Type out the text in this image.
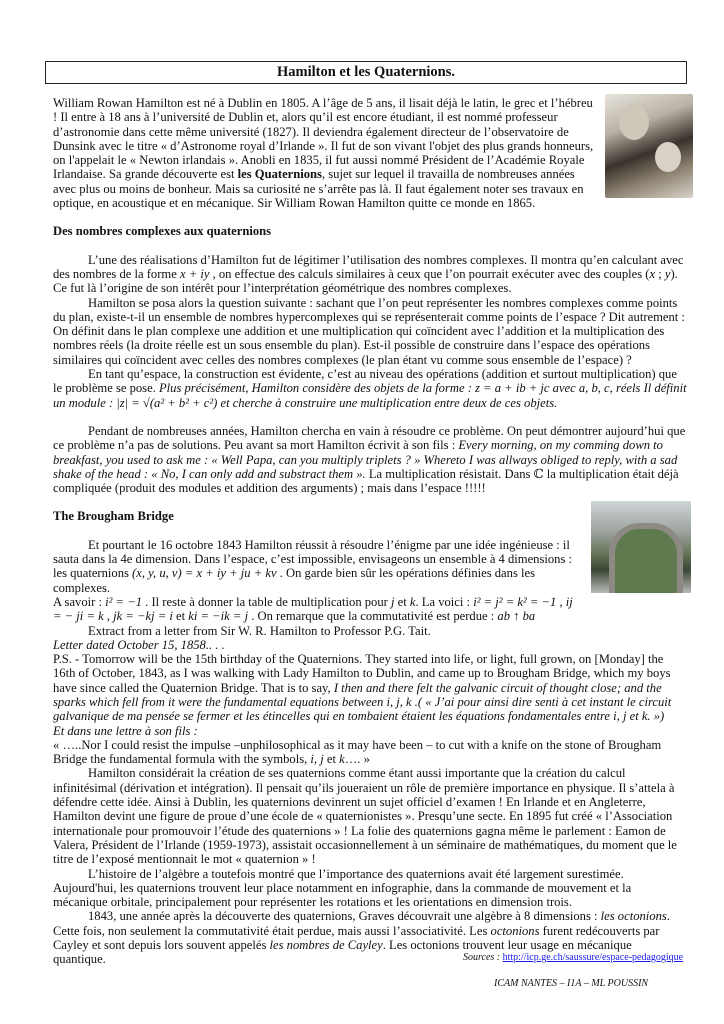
Hamilton et les Quaternions.

William Rowan Hamilton est né à Dublin en 1805. A l’âge de 5 ans, il lisait déjà le latin, le grec et l’hébreu ! Il entre à 18 ans à l’université de Dublin et, alors qu’il est encore étudiant, il est nommé professeur d’astronomie dans cette même université (1827). Il deviendra également directeur de l’observatoire de Dunsink avec le titre « d’Astronome royal d’Irlande ». Il fut de son vivant l'objet des plus grands honneurs, on l'appelait le « Newton irlandais ». Anobli en 1835, il fut aussi nommé Président de l’Académie Royale Irlandaise. Sa grande découverte est les Quaternions, sujet sur lequel il travailla de nombreuses années avec plus ou moins de bonheur. Mais sa curiosité ne s’arrête pas là. Il faut également noter ses travaux en optique, en acoustique et en mécanique. Sir William Rowan Hamilton quitte ce monde en 1865.

Des nombres complexes aux quaternions

L’une des réalisations d’Hamilton fut de légitimer l’utilisation des nombres complexes. Il montra qu’en calculant avec des nombres de la forme x + iy , on effectue des calculs similaires à ceux que l’on pourrait exécuter avec des couples (x ; y). Ce fut là l’origine de son intérêt pour l’interprétation géométrique des nombres complexes.

Hamilton se posa alors la question suivante : sachant que l’on peut représenter les nombres complexes comme points du plan, existe-t-il un ensemble de nombres hypercomplexes qui se représenterait comme points de l’espace ? Dit autrement : On définit dans le plan complexe une addition et une multiplication qui coïncident avec l’addition et la multiplication des nombres réels (la droite réelle est un sous ensemble du plan). Est-il possible de construire dans l’espace des opérations similaires qui coïncident avec celles des nombres complexes (le plan étant vu comme sous ensemble de l’espace) ?

En tant qu’espace, la construction est évidente, c’est au niveau des opérations (addition et surtout multiplication) que le problème se pose. Plus précisément, Hamilton considère des objets de la forme : z = a + ib + jc avec a, b, c, réels Il définit un module : |z| = √(a² + b² + c²) et cherche à construire une multiplication entre deux de ces objets.

Pendant de nombreuses années, Hamilton chercha en vain à résoudre ce problème. On peut démontrer aujourd’hui que ce problème n’a pas de solutions. Peu avant sa mort Hamilton écrivit à son fils : Every morning, on my comming down to breakfast, you used to ask me : « Well Papa, can you multiply triplets ? » Whereto I was allways obliged to reply, with a sad shake of the head : « No, I can only add and substract them ». La multiplication résistait. Dans ℂ la multiplication était déjà compliquée (produit des modules et addition des arguments) ; mais dans l’espace !!!!!

The Brougham Bridge

Et pourtant le 16 octobre 1843 Hamilton réussit à résoudre l’énigme par une idée ingénieuse : il sauta dans la 4e dimension. Dans l’espace, c’est impossible, envisageons un ensemble à 4 dimensions : les quaternions (x, y, u, v) = x + iy + ju + kv . On garde bien sûr les opérations définies dans les complexes.

A savoir : i² = −1 . Il reste à donner la table de multiplication pour j et k. La voici : i² = j² = k² = −1 , ij = − ji = k , jk = −kj = i et ki = −ik = j . On remarque que la commutativité est perdue : ab ↑ ba

Extract from a letter from Sir W. R. Hamilton to Professor P.G. Tait.

Letter dated October 15, 1858.. . .

P.S. - Tomorrow will be the 15th birthday of the Quaternions. They started into life, or light, full grown, on [Monday] the 16th of October, 1843, as I was walking with Lady Hamilton to Dublin, and came up to Brougham Bridge, which my boys have since called the Quaternion Bridge. That is to say, I then and there felt the galvanic circuit of thought close; and the sparks which fell from it were the fundamental equations between i, j, k .( « J’ai pour ainsi dire senti à cet instant le circuit galvanique de ma pensée se fermer et les étincelles qui en tombaient étaient les équations fondamentales entre i, j et k. »)

Et dans une lettre à son fils :

« …..Nor I could resist the impulse –unphilosophical as it may have been – to cut with a knife on the stone of Brougham Bridge the fundamental formula with the symbols, i, j et k…. »

Hamilton considérait la création de ses quaternions comme étant aussi importante que la création du calcul infinitésimal (dérivation et intégration). Il pensait qu’ils joueraient un rôle de première importance en physique. Il s’attela à défendre cette idée. Ainsi à Dublin, les quaternions devinrent un sujet officiel d’examen ! En Irlande et en Angleterre, Hamilton devint une figure de proue d’une école de « quaternionistes ». Presqu’une secte. En 1895 fut créé « l’Association internationale pour promouvoir l’étude des quaternions » ! La folie des quaternions gagna même le parlement : Eamon de Valera, Président de l’Irlande (1959-1973), assistait occasionnellement à un séminaire de mathématiques, du moment que le titre de l’exposé mentionnait le mot « quaternion » !

L’histoire de l’algèbre a toutefois montré que l’importance des quaternions avait été largement surestimée. Aujourd'hui, les quaternions trouvent leur place notamment en infographie, dans la commande de mouvement et la mécanique orbitale, principalement pour représenter les rotations et les orientations en dimension trois.

1843, une année après la découverte des quaternions, Graves découvrait une algèbre à 8 dimensions : les octonions. Cette fois, non seulement la commutativité était perdue, mais aussi l’associativité. Les octonions furent redécouverts par Cayley et sont depuis lors souvent appelés les nombres de Cayley. Les octonions trouvent leur usage en mécanique quantique.	Sources : http://icp.ge.ch/saussure/espace-pedagogique
ICAM NANTES – I1A – ML POUSSIN
